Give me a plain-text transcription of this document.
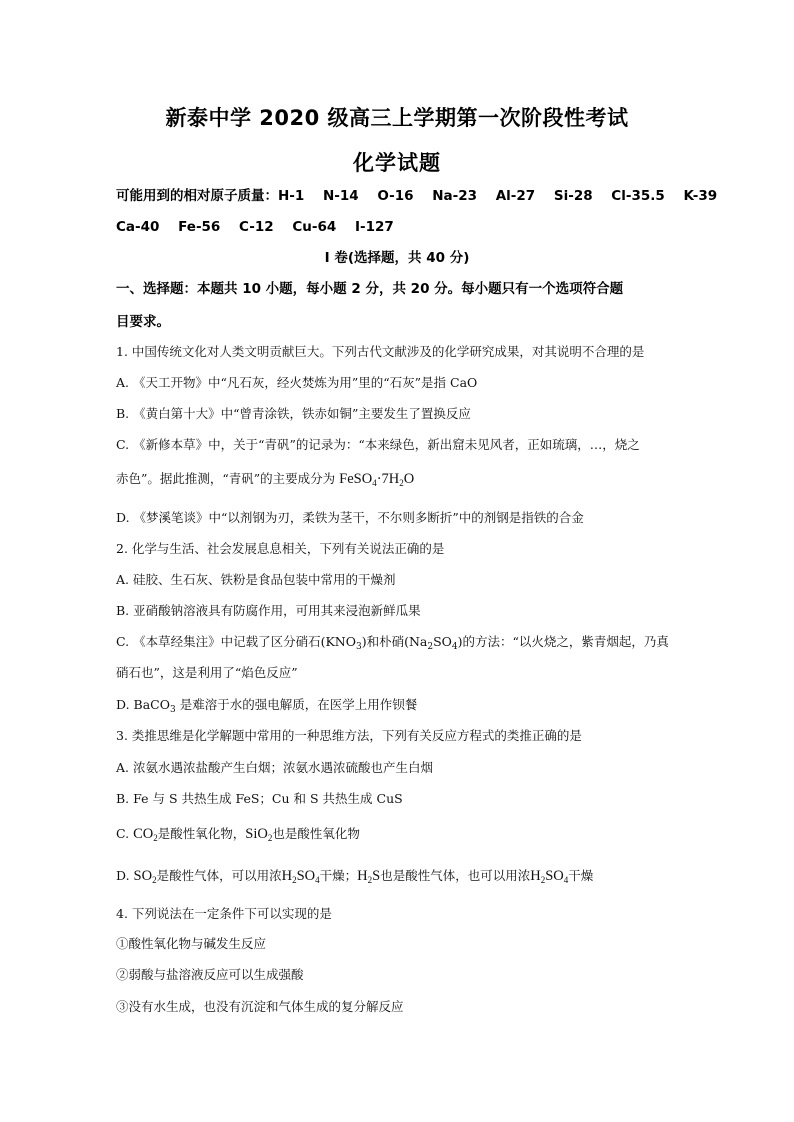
新泰中学 2020 级高三上学期第一次阶段性考试
化学试题
可能用到的相对原子质量：H-1 N-14 O-16 Na-23 Al-27 Si-28 Cl-35.5 K-39
Ca-40 Fe-56 C-12 Cu-64 I-127
I 卷(选择题，共 40 分)
一、选择题：本题共 10 小题，每小题 2 分，共 20 分。每小题只有一个选项符合题
目要求。
1. 中国传统文化对人类文明贡献巨大。下列古代文献涉及的化学研究成果，对其说明不合理的是
A. 《天工开物》中“凡石灰，经火焚炼为用”里的“石灰”是指 CaO
B. 《黄白第十大》中“曾青涂铁，铁赤如铜”主要发生了置换反应
C. 《新修本草》中，关于“青矾”的记录为：“本来绿色，新出窟未见风者，正如琉璃，…，烧之
赤色”。据此推测，“青矾”的主要成分为 $FeSO_4\cdot 7H_2O$
D. 《梦溪笔谈》中“以剂钢为刃，柔铁为茎干，不尔则多断折”中的剂钢是指铁的合金
2. 化学与生活、社会发展息息相关，下列有关说法正确的是
A. 硅胶、生石灰、铁粉是食品包装中常用的干燥剂
B. 亚硝酸钠溶液具有防腐作用，可用其来浸泡新鲜瓜果
C. 《本草经集注》中记载了区分硝石$(KNO_3)$和朴硝$(Na_2SO_4)$的方法：“以火烧之，紫青烟起，乃真
硝石也”，这是利用了“焰色反应”
D. BaCO$_3$ 是难溶于水的强电解质，在医学上用作钡餐
3. 类推思维是化学解题中常用的一种思维方法，下列有关反应方程式的类推正确的是
A. 浓氨水遇浓盐酸产生白烟；浓氨水遇浓硫酸也产生白烟
B. Fe 与 S 共热生成 FeS；Cu 和 S 共热生成 CuS
C. $CO_2$是酸性氧化物，SiO$_2$也是酸性氧化物
D. $SO_2$是酸性气体，可以用浓$H_2SO_4$干燥；$H_2S$也是酸性气体，也可以用浓$H_2SO_4$干燥
4. 下列说法在一定条件下可以实现的是
①酸性氧化物与碱发生反应
②弱酸与盐溶液反应可以生成强酸
③没有水生成，也没有沉淀和气体生成的复分解反应
